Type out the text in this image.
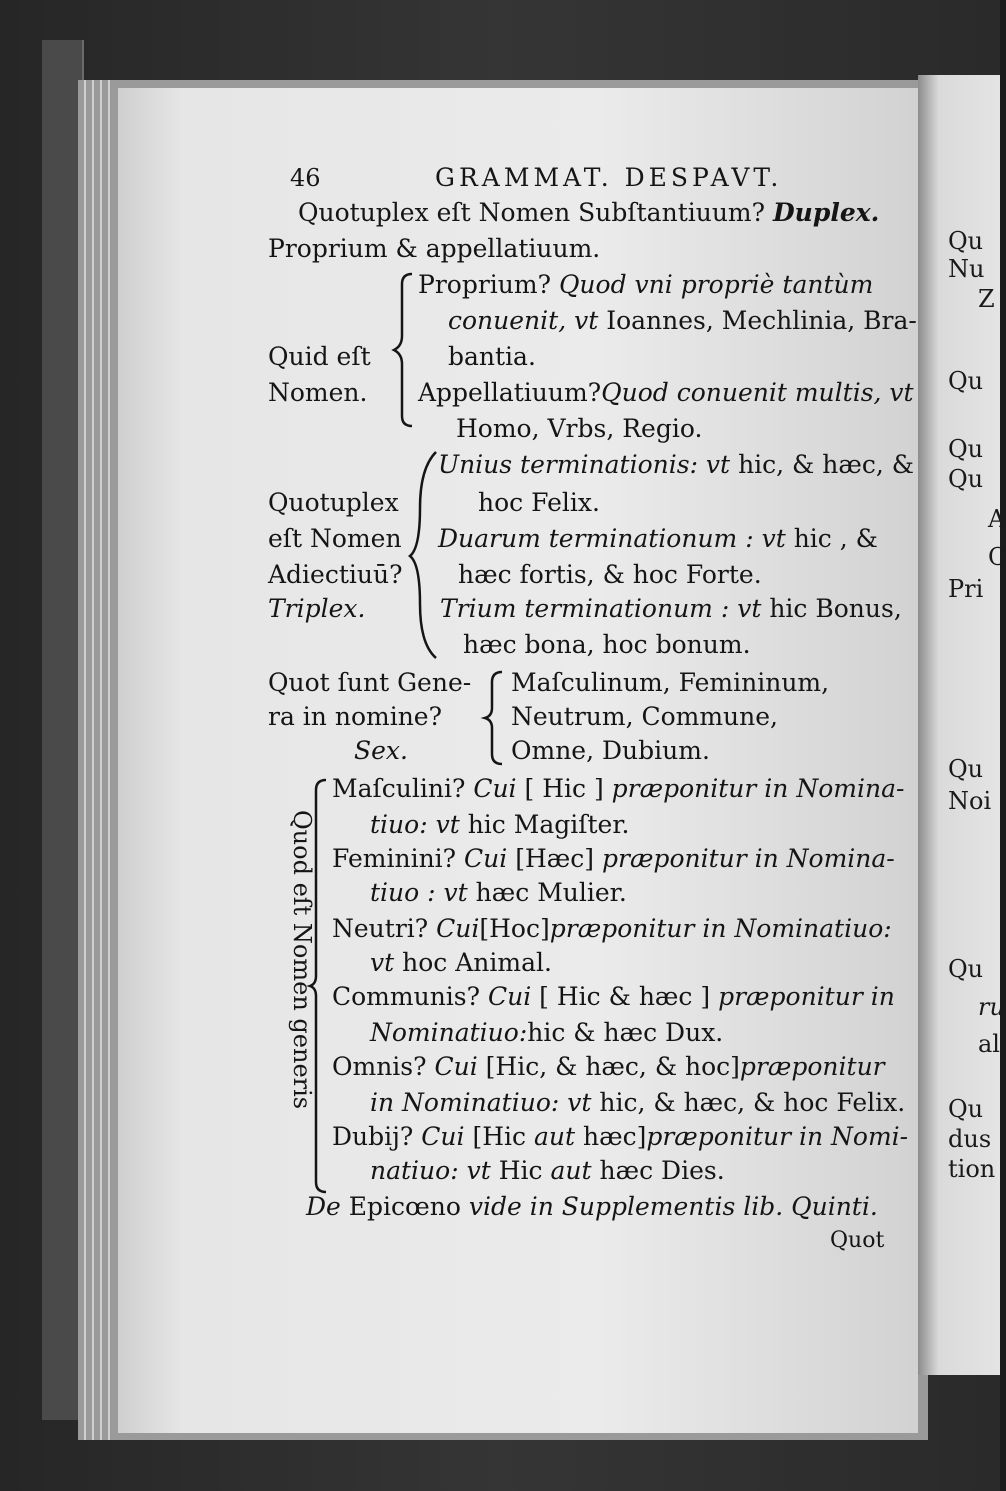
Qu
Nu
Z
Qu
Qu
Qu
A
C
Pri
Qu
Noi
Qu
ru
al
Qu
dus
tion
46	GRAMMAT. DESPAVT.
Quotuplex eſt Nomen Subſtantiuum? Duplex.
Proprium & appellatiuum.
Quid eſt
Nomen.
Proprium? Quod vni propriè tantùm
conuenit, vt Ioannes, Mechlinia, Bra-
bantia.
Appellatiuum?Quod conuenit multis, vt
Homo, Vrbs, Regio.
Quotuplex
eſt Nomen
Adiectiuū?
Triplex.
Unius terminationis: vt hic, & hæc, &
hoc Felix.
Duarum terminationum : vt hic , &
hæc fortis, & hoc Forte.
Trium terminationum : vt hic Bonus,
hæc bona, hoc bonum.
Quot ſunt Gene-
ra in nomine?
Sex.
Maſculinum, Femininum,
Neutrum, Commune,
Omne, Dubium.
Quod eſt Nomen generis
Maſculini? Cui [ Hic ] præponitur in Nomina-
tiuo: vt hic Magiſter.
Feminini? Cui [Hæc] præponitur in Nomina-
tiuo : vt hæc Mulier.
Neutri? Cui[Hoc]præponitur in Nominatiuo:
vt hoc Animal.
Communis? Cui [ Hic & hæc ] præponitur in
Nominatiuo:hic & hæc Dux.
Omnis? Cui [Hic, & hæc, & hoc]præponitur
in Nominatiuo: vt hic, & hæc, & hoc Felix.
Dubij? Cui [Hic aut hæc]præponitur in Nomi-
natiuo: vt Hic aut hæc Dies.
De Epicœno vide in Supplementis lib. Quinti.
Quot
